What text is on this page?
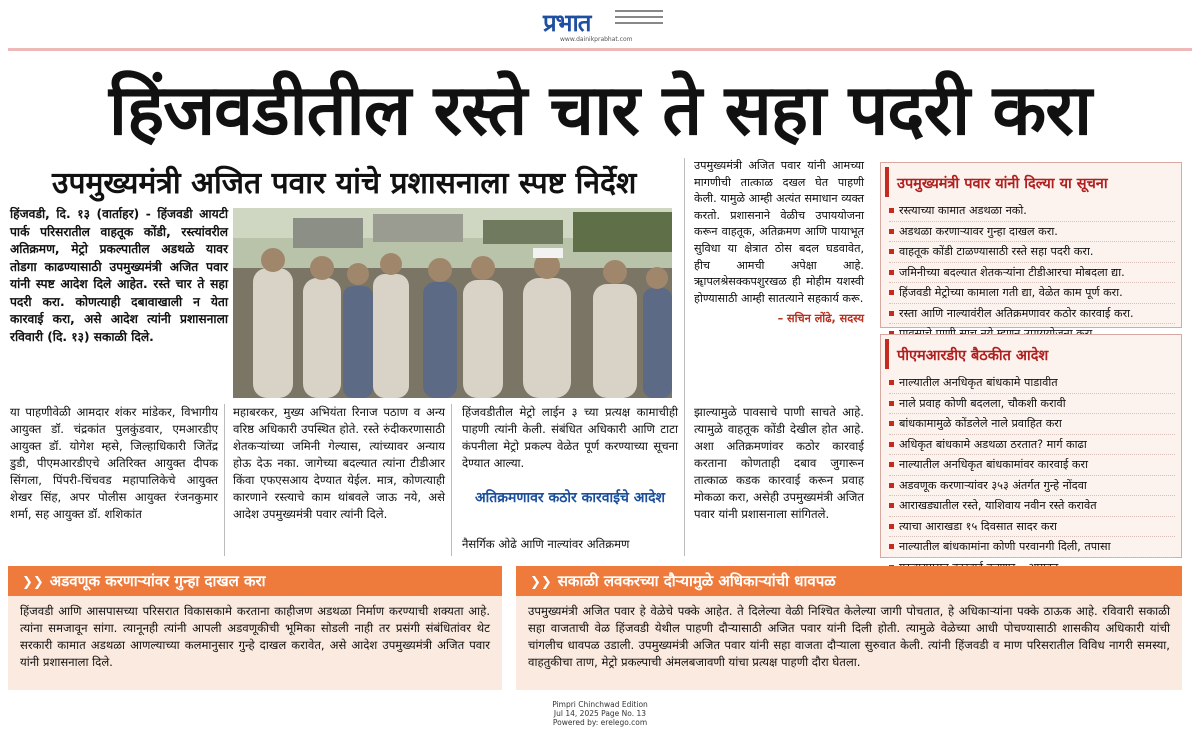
प्रभात
www.dainikprabhat.com
हिंजवडीतील रस्ते चार ते सहा पदरी करा
उपमुख्यमंत्री अजित पवार यांचे प्रशासनाला स्पष्ट निर्देश

हिंजवडी, दि. १३ (वार्ताहर) - हिंजवडी आयटी पार्क परिसरातील वाहतूक कोंडी, रस्त्यांवरील अतिक्रमण, मेट्रो प्रकल्पातील अडथळे यावर तोडगा काढण्यासाठी उपमुख्यमंत्री अजित पवार यांनी स्पष्ट आदेश दिले आहेत. रस्ते चार ते सहा पदरी करा. कोणत्याही दबावाखाली न येता कारवाई करा, असे आदेश त्यांनी प्रशासनाला रविवारी (दि. १३) सकाळी दिले.

या पाहणीवेळी आमदार शंकर मांडेकर, विभागीय आयुक्त डॉ. चंद्रकांत पुलकुंडवार, एमआरडीए आयुक्त डॉ. योगेश म्हसे, जिल्हाधिकारी जितेंद्र डुडी, पीएमआरडीएचे अतिरिक्त आयुक्त दीपक सिंगला, पिंपरी-चिंचवड महापालिकेचे आयुक्त शेखर सिंह, अपर पोलीस आयुक्त रंजनकुमार शर्मा, सह आयुक्त डॉ. शशिकांत
महाबरकर, मुख्य अभियंता रिनाज पठाण व अन्य वरिष्ठ अधिकारी उपस्थित होते. रस्ते रुंदीकरणासाठी शेतकऱ्यांच्या जमिनी गेल्यास, त्यांच्यावर अन्याय होऊ देऊ नका. जागेच्या बदल्यात त्यांना टीडीआर किंवा एफएसआय देण्यात येईल. मात्र, कोणत्याही कारणाने रस्त्याचे काम थांबवले जाऊ नये, असे आदेश उपमुख्यमंत्री पवार त्यांनी दिले.
हिंजवडीतील मेट्रो लाईन ३ च्या प्रत्यक्ष कामाचीही पाहणी त्यांनी केली. संबंधित अधिकारी आणि टाटा कंपनीला मेट्रो प्रकल्प वेळेत पूर्ण करण्याच्या सूचना देण्यात आल्या.
अतिक्रमणावर कठोर कारवाईचे आदेश
नैसर्गिक ओढे आणि नाल्यांवर अतिक्रमण
झाल्यामुळे पावसाचे पाणी साचते आहे. त्यामुळे वाहतूक कोंडी देखील होत आहे. अशा अतिक्रमणांवर कठोर कारवाई करताना कोणताही दबाव जुगारून तात्काळ कडक कारवाई करून प्रवाह मोकळा करा, असेही उपमुख्यमंत्री अजित पवार यांनी प्रशासनाला सांगितले.

उपमुख्यमंत्री अजित पवार यांनी आमच्या मागणीची तात्काळ दखल घेत पाहणी केली. यामुळे आम्ही अत्यंत समाधान व्यक्त करतो. प्रशासनाने वेळीच उपाययोजना करून वाहतूक, अतिक्रमण आणि पायाभूत सुविधा या क्षेत्रात ठोस बदल घडवावेत, हीच आमची अपेक्षा आहे. ॠापलश्रेसक्कपशुरखळ ही मोहीम यशस्वी होण्यासाठी आम्ही सातत्याने सहकार्य करू.

– सचिन लोंढे, सदस्य

उपमुख्यमंत्री पवार यांनी दिल्या या सूचना
रस्त्याच्या कामात अडथळा नको.
अडथळा करणाऱ्यावर गुन्हा दाखल करा.
वाहतूक कोंडी टाळण्यासाठी रस्ते सहा पदरी करा.
जमिनीच्या बदल्यात शेतकऱ्यांना टीडीआरचा मोबदला द्या.
हिंजवडी मेट्रोच्या कामाला गती द्या, वेळेत काम पूर्ण करा.
रस्ता आणि नाल्यावंरील अतिक्रमणावर कठोर कारवाई करा.
पीएमआरडीए बैठकीत आदेश
नाल्यातील अनधिकृत बांधकामे पाडावीत
नाले प्रवाह कोणी बदलला, चौकशी करावी
बांधकामामुळे कोंडलेले नाले प्रवाहित करा
अधिकृत बांधकामे अडथळा ठरतात? मार्ग काढा
नाल्यातील अनधिकृत बांधकामांवर कारवाई करा
अडवणूक करणाऱ्यांवर ३५३ अंतर्गत गुन्हे नोंदवा
आराखड्यातील रस्ते, याशिवाय नवीन रस्ते करावेत
त्याचा आराखडा १५ दिवसात सादर करा
नाल्यातील बांधकामांना कोणी परवानगी दिली, तपासा
❯❯ अडवणूक करणाऱ्यांवर गुन्हा दाखल करा
हिंजवडी आणि आसपासच्या परिसरात विकासकामे करताना काहीजण अडथळा निर्माण करण्याची शक्यता आहे. त्यांना समजावून सांगा. त्यानूनही त्यांनी आपली अडवणूकीची भूमिका सोडली नाही तर प्रसंगी संबंधितांवर थेट सरकारी कामात अडथळा आणल्याच्या कलमानुसार गुन्हे दाखल करावेत, असे आदेश उपमुख्यमंत्री अजित पवार यांनी प्रशासनाला दिले.
❯❯ सकाळी लवकरच्या दौऱ्यामुळे अधिकाऱ्यांची धावपळ
उपमुख्यमंत्री अजित पवार हे वेळेचे पक्के आहेत. ते दिलेल्या वेळी निश्चित केलेल्या जागी पोचतात, हे अधिकाऱ्यांना पक्के ठाऊक आहे. रविवारी सकाळी सहा वाजताची वेळ हिंजवडी येथील पाहणी दौऱ्यासाठी अजित पवार यांनी दिली होती. त्यामुळे वेळेच्या आधी पोचण्यासाठी शासकीय अधिकारी यांची चांगलीच धावपळ उडाली. उपमुख्यमंत्री अजित पवार यांनी सहा वाजता दौऱ्याला सुरुवात केली. त्यांनी हिंजवडी व माण परिसरातील विविध नागरी समस्या, वाहतुकीचा ताण, मेट्रो प्रकल्पाची अंमलबजावणी यांचा प्रत्यक्ष पाहणी दौरा घेतला.
Pimpri Chinchwad Edition
Jul 14, 2025 Page No. 13
Powered by: erelego.com
